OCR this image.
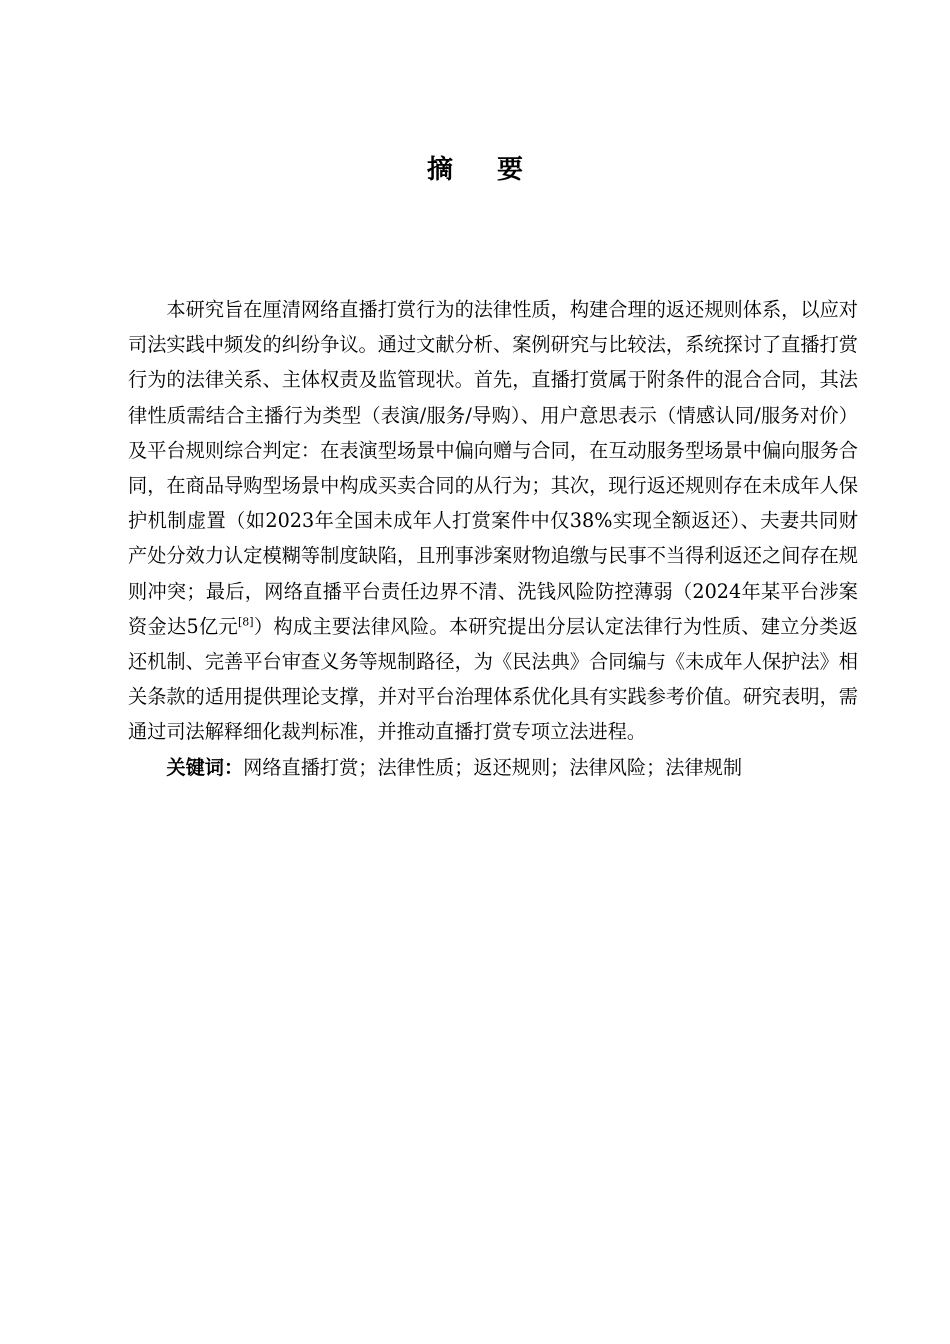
摘 要

本研究旨在厘清网络直播打赏行为的法律性质，构建合理的返还规则体系，以应对司法实践中频发的纠纷争议。通过文献分析、案例研究与比较法，系统探讨了直播打赏行为的法律关系、主体权责及监管现状。首先，直播打赏属于附条件的混合合同，其法律性质需结合主播行为类型（表演/服务/导购）、用户意思表示（情感认同/服务对价）及平台规则综合判定：在表演型场景中偏向赠与合同，在互动服务型场景中偏向服务合同，在商品导购型场景中构成买卖合同的从行为；其次，现行返还规则存在未成年人保护机制虚置（如2023年全国未成年人打赏案件中仅38%实现全额返还）、夫妻共同财产处分效力认定模糊等制度缺陷，且刑事涉案财物追缴与民事不当得利返还之间存在规则冲突；最后，网络直播平台责任边界不清、洗钱风险防控薄弱（2024年某平台涉案资金达5亿元[8]）构成主要法律风险。本研究提出分层认定法律行为性质、建立分类返还机制、完善平台审查义务等规制路径，为《民法典》合同编与《未成年人保护法》相关条款的适用提供理论支撑，并对平台治理体系优化具有实践参考价值。研究表明，需通过司法解释细化裁判标准，并推动直播打赏专项立法进程。

关键词：网络直播打赏；法律性质；返还规则；法律风险；法律规制
